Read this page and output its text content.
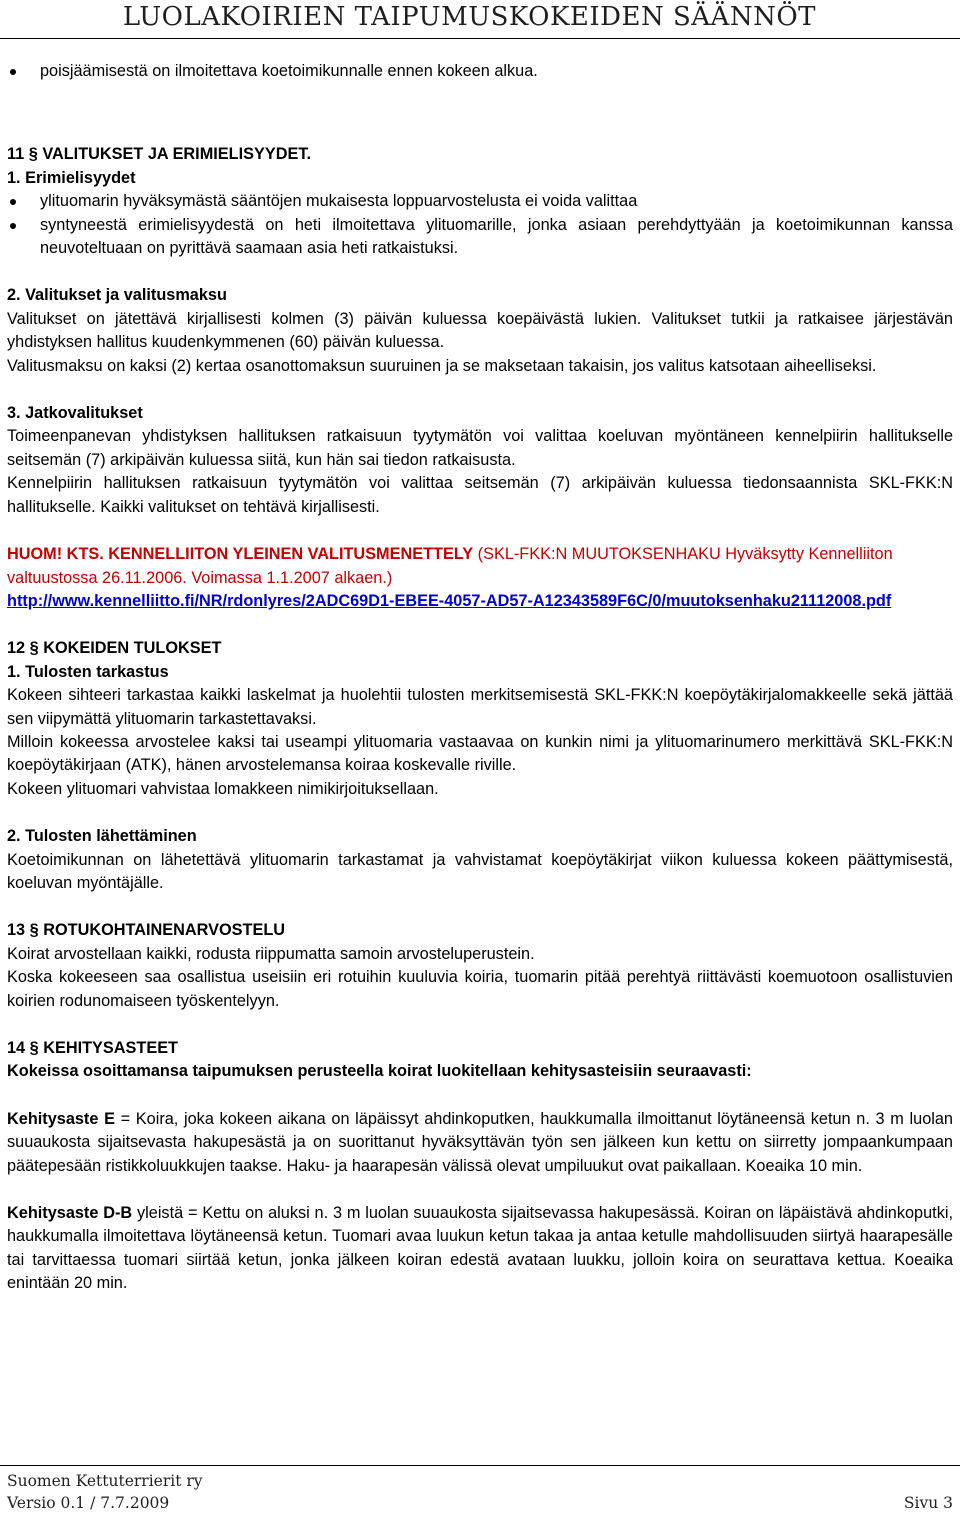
LUOLAKOIRIEN TAIPUMUSKOKEIDEN SÄÄNNÖT

poisjäämisestä on ilmoitettava koetoimikunnalle ennen kokeen alkua.

11 § VALITUKSET JA ERIMIELISYYDET.

1. Erimielisyydet

ylituomarin hyväksymästä sääntöjen mukaisesta loppuarvostelusta ei voida valittaa

syntyneestä erimielisyydestä on heti ilmoitettava ylituomarille, jonka asiaan perehdyttyään ja koetoimikunnan kanssa neuvoteltuaan on pyrittävä saamaan asia heti ratkaistuksi.

2. Valitukset ja valitusmaksu

Valitukset on jätettävä kirjallisesti kolmen (3) päivän kuluessa koepäivästä lukien. Valitukset tutkii ja ratkaisee järjestävän yhdistyksen hallitus kuudenkymmenen (60) päivän kuluessa.

Valitusmaksu on kaksi (2) kertaa osanottomaksun suuruinen ja se maksetaan takaisin, jos valitus katsotaan aiheelliseksi.

3. Jatkovalitukset

Toimeenpanevan yhdistyksen hallituksen ratkaisuun tyytymätön voi valittaa koeluvan myöntäneen kennelpiirin hallitukselle seitsemän (7) arkipäivän kuluessa siitä, kun hän sai tiedon ratkaisusta.

Kennelpiirin hallituksen ratkaisuun tyytymätön voi valittaa seitsemän (7) arkipäivän kuluessa tiedonsaannista SKL-FKK:N hallitukselle. Kaikki valitukset on tehtävä kirjallisesti.

HUOM! KTS. KENNELLIITON YLEINEN VALITUSMENETTELY (SKL-FKK:N MUUTOKSENHAKU Hyväksytty Kennelliiton valtuustossa 26.11.2006. Voimassa 1.1.2007 alkaen.)

http://www.kennelliitto.fi/NR/rdonlyres/2ADC69D1-EBEE-4057-AD57-A12343589F6C/0/muutoksenhaku21112008.pdf

12 § KOKEIDEN TULOKSET

1. Tulosten tarkastus

Kokeen sihteeri tarkastaa kaikki laskelmat ja huolehtii tulosten merkitsemisestä SKL-FKK:N koepöytäkirjalomakkeelle sekä jättää sen viipymättä ylituomarin tarkastettavaksi.

Milloin kokeessa arvostelee kaksi tai useampi ylituomaria vastaavaa on kunkin nimi ja ylituomarinumero merkittävä SKL-FKK:N koepöytäkirjaan (ATK), hänen arvostelemansa koiraa koskevalle riville.

Kokeen ylituomari vahvistaa lomakkeen nimikirjoituksellaan.

2. Tulosten lähettäminen

Koetoimikunnan on lähetettävä ylituomarin tarkastamat ja vahvistamat koepöytäkirjat viikon kuluessa kokeen päättymisestä, koeluvan myöntäjälle.

13 § ROTUKOHTAINENARVOSTELU

Koirat arvostellaan kaikki, rodusta riippumatta samoin arvosteluperustein.

Koska kokeeseen saa osallistua useisiin eri rotuihin kuuluvia koiria, tuomarin pitää perehtyä riittävästi koemuotoon osallistuvien koirien rodunomaiseen työskentelyyn.

14 § KEHITYSASTEET

Kokeissa osoittamansa taipumuksen perusteella koirat luokitellaan kehitysasteisiin seuraavasti:

Kehitysaste E = Koira, joka kokeen aikana on läpäissyt ahdinkoputken, haukkumalla ilmoittanut löytäneensä ketun n. 3 m luolan suuaukosta sijaitsevasta hakupesästä ja on suorittanut hyväksyttävän työn sen jälkeen kun kettu on siirretty jompaankumpaan päätepesään ristikkoluukkujen taakse. Haku- ja haarapesän välissä olevat umpiluukut ovat paikallaan. Koeaika 10 min.

Kehitysaste D-B yleistä = Kettu on aluksi n. 3 m luolan suuaukosta sijaitsevassa hakupesässä. Koiran on läpäistävä ahdinkoputki, haukkumalla ilmoitettava löytäneensä ketun. Tuomari avaa luukun ketun takaa ja antaa ketulle mahdollisuuden siirtyä haarapesälle tai tarvittaessa tuomari siirtää ketun, jonka jälkeen koiran edestä avataan luukku, jolloin koira on seurattava kettua. Koeaika enintään 20 min.

Suomen Kettuterrierit ry
Versio 0.1 / 7.7.2009	Sivu 3
